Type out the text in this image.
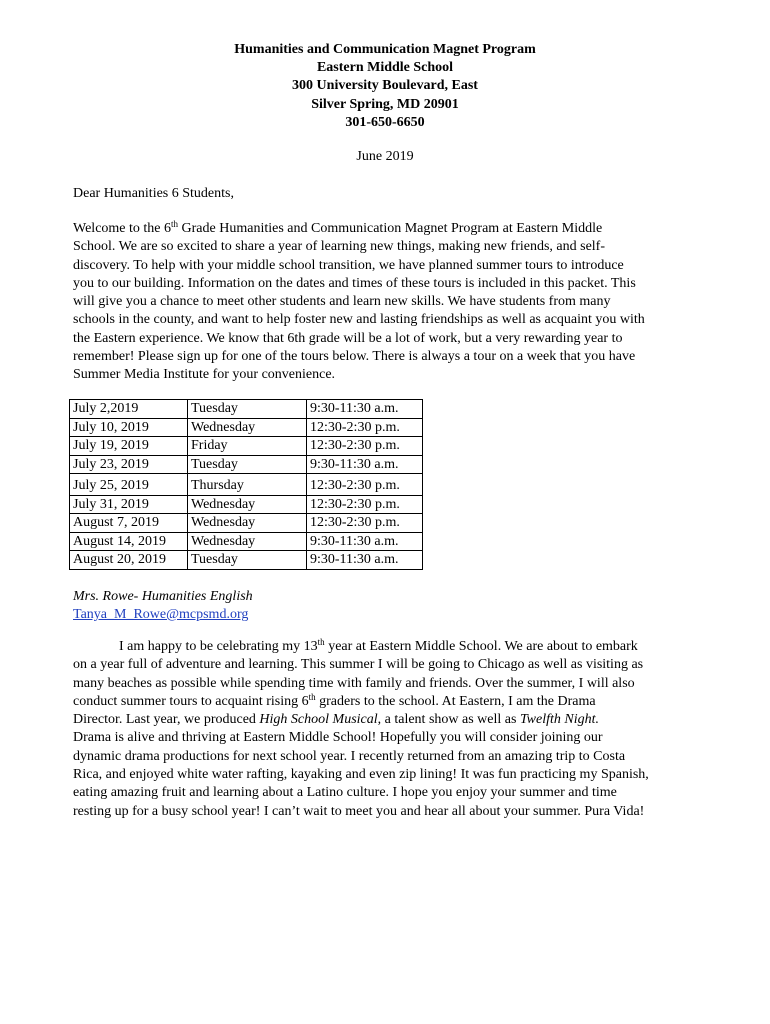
Humanities and Communication Magnet Program
Eastern Middle School
300 University Boulevard, East
Silver Spring, MD 20901
301-650-6650
June 2019
Dear Humanities 6 Students,
Welcome to the 6th Grade Humanities and Communication Magnet Program at Eastern Middle
School. We are so excited to share a year of learning new things, making new friends, and self-
discovery. To help with your middle school transition, we have planned summer tours to introduce
you to our building. Information on the dates and times of these tours is included in this packet. This
will give you a chance to meet other students and learn new skills. We have students from many
schools in the county, and want to help foster new and lasting friendships as well as acquaint you with
the Eastern experience. We know that 6th grade will be a lot of work, but a very rewarding year to
remember! Please sign up for one of the tours below. There is always a tour on a week that you have
Summer Media Institute for your convenience.
July 2,2019	Tuesday	9:30-11:30 a.m.
July 10, 2019	Wednesday	12:30-2:30 p.m.
July 19, 2019	Friday	12:30-2:30 p.m.
July 23, 2019	Tuesday	9:30-11:30 a.m.
July 25, 2019	Thursday	12:30-2:30 p.m.
July 31, 2019	Wednesday	12:30-2:30 p.m.
August 7, 2019	Wednesday	12:30-2:30 p.m.
August 14, 2019	Wednesday	9:30-11:30 a.m.
August 20, 2019	Tuesday	9:30-11:30 a.m.
Mrs. Rowe- Humanities English
Tanya_M_Rowe@mcpsmd.org
I am happy to be celebrating my 13th year at Eastern Middle School. We are about to embark
on a year full of adventure and learning. This summer I will be going to Chicago as well as visiting as
many beaches as possible while spending time with family and friends. Over the summer, I will also
conduct summer tours to acquaint rising 6th graders to the school. At Eastern, I am the Drama
Director. Last year, we produced High School Musical, a talent show as well as Twelfth Night.
Drama is alive and thriving at Eastern Middle School! Hopefully you will consider joining our
dynamic drama productions for next school year. I recently returned from an amazing trip to Costa
Rica, and enjoyed white water rafting, kayaking and even zip lining! It was fun practicing my Spanish,
eating amazing fruit and learning about a Latino culture. I hope you enjoy your summer and time
resting up for a busy school year! I can’t wait to meet you and hear all about your summer. Pura Vida!
